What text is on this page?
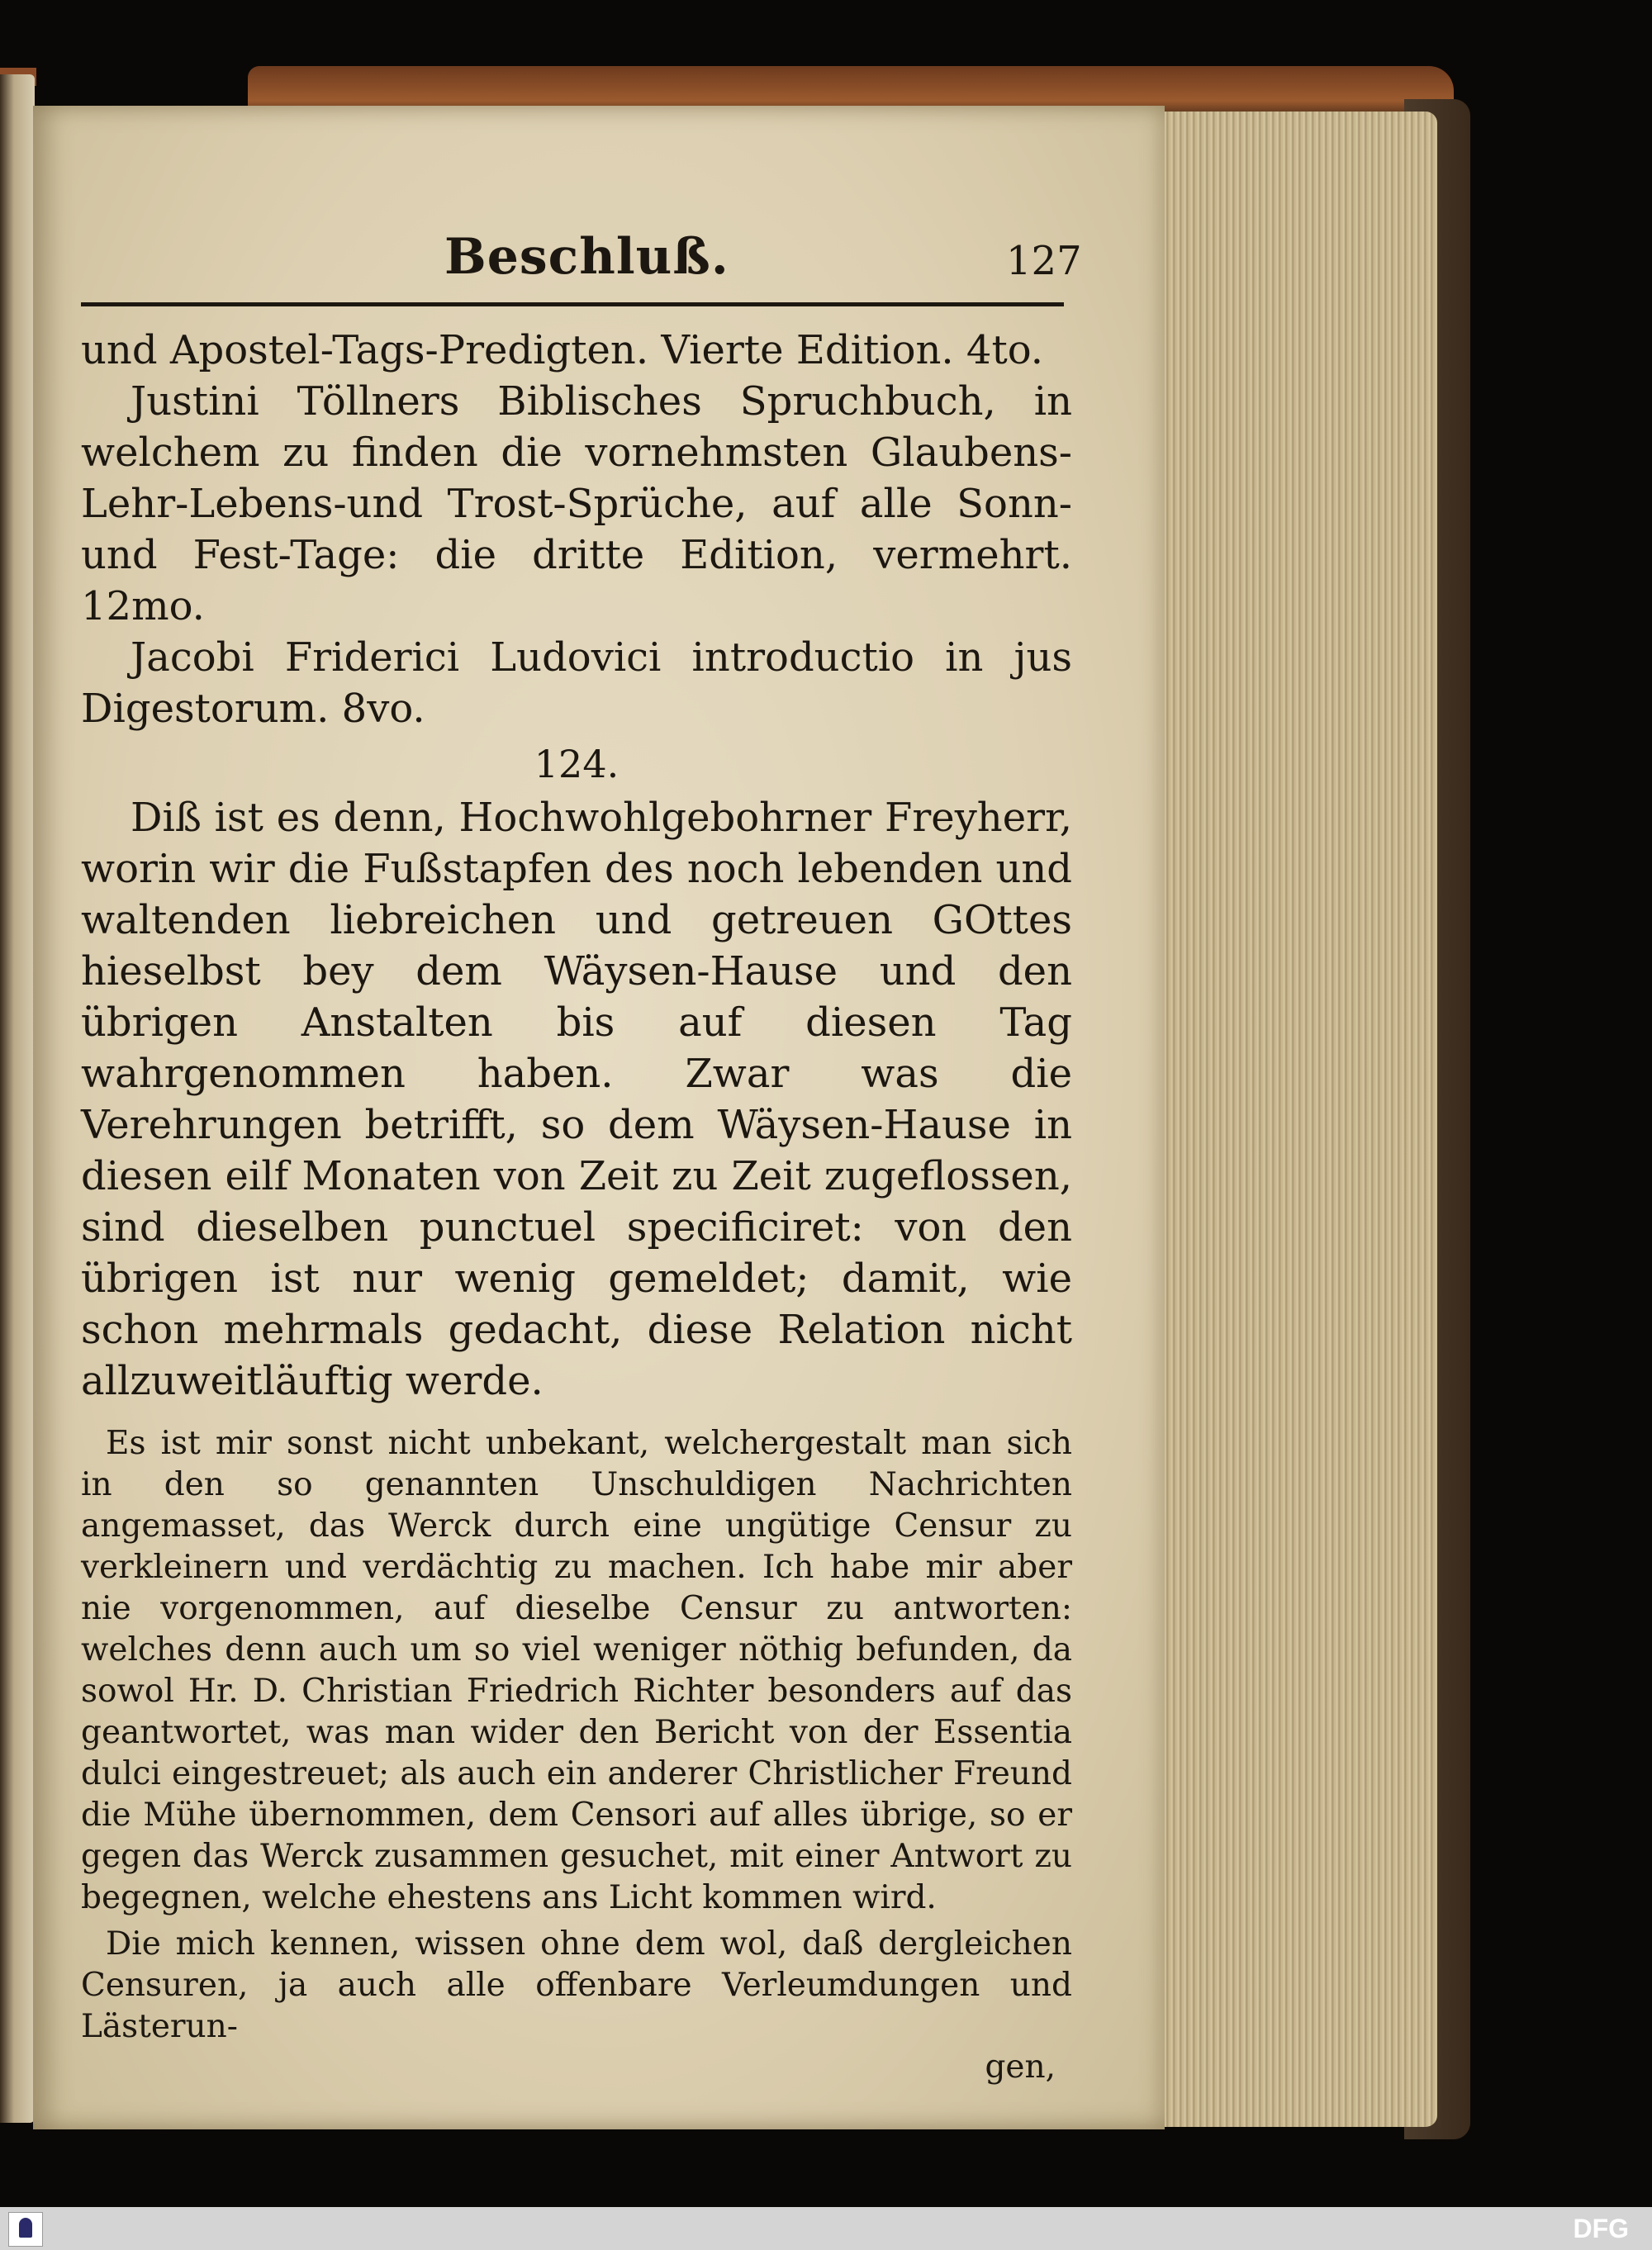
Beschluß.	127

und Apostel-Tags-Predigten. Vierte Edition. 4to.

Justini Töllners Biblisches Spruchbuch, in welchem zu finden die vornehmsten Glaubens-Lehr-Lebens-und Trost-Sprüche, auf alle Sonn-und Fest-Tage: die dritte Edition, vermehrt. 12mo.

Jacobi Friderici Ludovici introductio in jus Digestorum. 8vo.

124.

Diß ist es denn, Hochwohlgebohrner Freyherr, worin wir die Fußstapfen des noch lebenden und waltenden liebreichen und getreuen GOttes hieselbst bey dem Wäysen-Hause und den übrigen Anstalten bis auf diesen Tag wahrgenommen haben. Zwar was die Verehrungen betrifft, so dem Wäysen-Hause in diesen eilf Monaten von Zeit zu Zeit zugeflossen, sind dieselben punctuel specificiret: von den übrigen ist nur wenig gemeldet; damit, wie schon mehrmals gedacht, diese Relation nicht allzuweitläuftig werde.

Es ist mir sonst nicht unbekant, welchergestalt man sich in den so genannten Unschuldigen Nachrichten angemasset, das Werck durch eine ungütige Censur zu verkleinern und verdächtig zu machen. Ich habe mir aber nie vorgenommen, auf dieselbe Censur zu antworten: welches denn auch um so viel weniger nöthig befunden, da sowol Hr. D. Christian Friedrich Richter besonders auf das geantwortet, was man wider den Bericht von der Essentia dulci eingestreuet; als auch ein anderer Christlicher Freund die Mühe übernommen, dem Censori auf alles übrige, so er gegen das Werck zusammen gesuchet, mit einer Antwort zu begegnen, welche ehestens ans Licht kommen wird.

Die mich kennen, wissen ohne dem wol, daß dergleichen Censuren, ja auch alle offenbare Verleumdungen und Lästerun-

gen,

DFG
